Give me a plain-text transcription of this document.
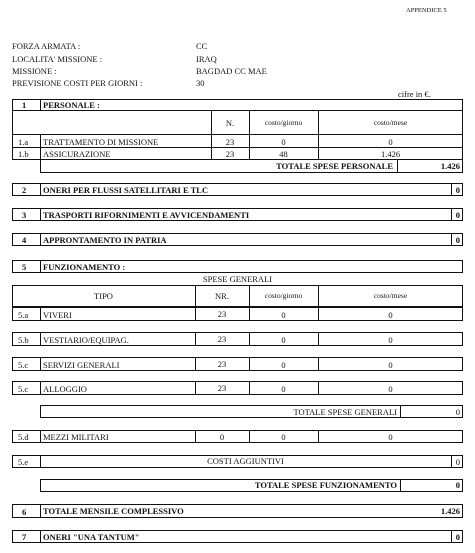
APPENDICE 5
FORZA ARMATA :	CC
LOCALITA' MISSIONE :	IRAQ
MISSIONE :	BAGDAD CC MAE
PREVISIONE COSTI PER GIORNI :	30
cifre in €.
1 PERSONALE :
N.	costo/giorno	costo/mese
1.a TRATTAMENTO DI MISSIONE	23	0	0
1.b ASSICURAZIONE	23	48	1.426
TOTALE SPESE PERSONALE	1.426
2 ONERI PER FLUSSI SATELLITARI E TLC	0
3 TRASPORTI RIFORNIMENTI E AVVICENDAMENTI	0
4 APPRONTAMENTO IN PATRIA	0
5 FUNZIONAMENTO :
SPESE GENERALI
TIPO	NR.	costo/giorno	costo/mese
5.a VIVERI	23	0	0
5.b VESTIARIO/EQUIPAG.	23	0	0
5.c SERVIZI GENERALI	23	0	0
5.c ALLOGGIO	23	0	0
TOTALE SPESE GENERALI	0
5.d MEZZI MILITARI	0	0	0
5.e	COSTI AGGIUNTIVI	0
TOTALE SPESE FUNZIONAMENTO	0
6 TOTALE MENSILE COMPLESSIVO	1.426
7 ONERI "UNA TANTUM"	0
